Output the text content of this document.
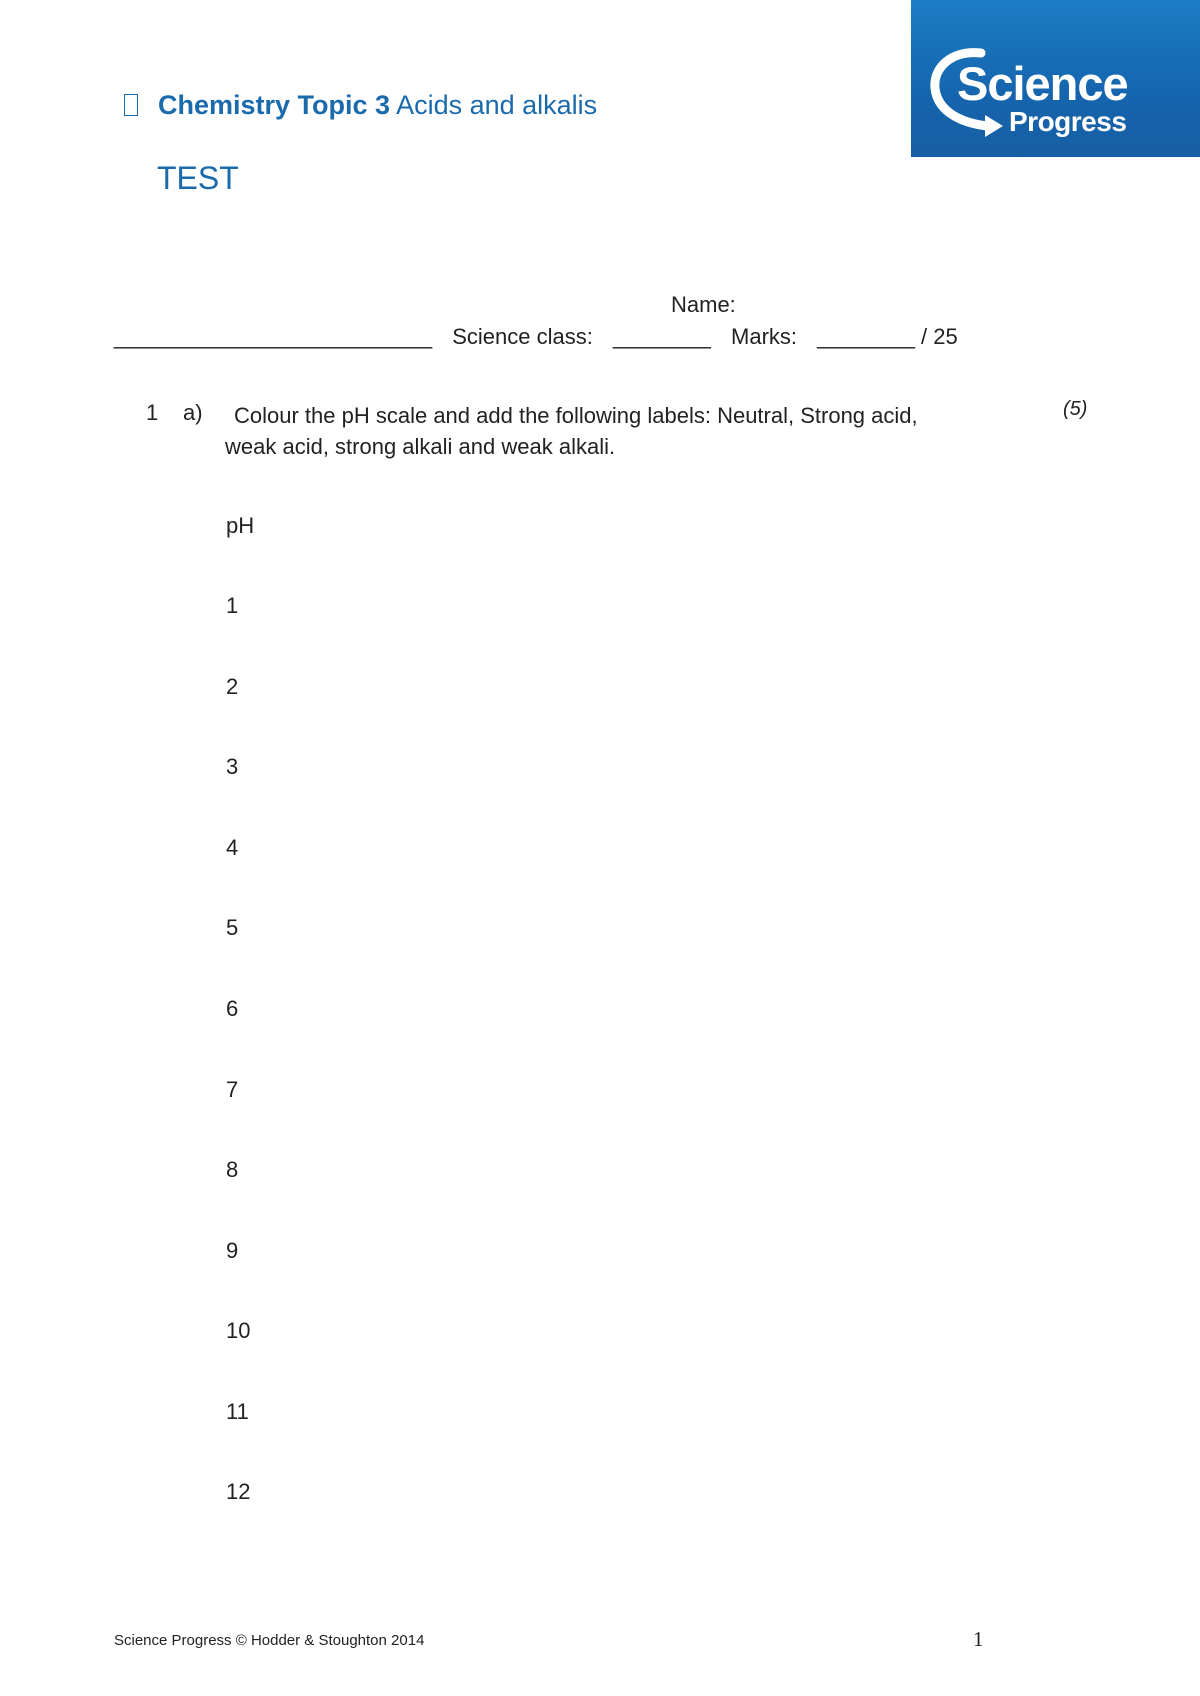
Chemistry Topic 3 Acids and alkalis
TEST
Science
Progress
Name:
__________________________ Science class: ________ Marks: ________ / 25
1 a)	Colour the pH scale and add the following labels: Neutral, Strong acid,
weak acid, strong alkali and weak alkali.
(5)
pH
1
2
3
4
5
6
7
8
9
10
11
12
Science Progress © Hodder & Stoughton 2014	1
